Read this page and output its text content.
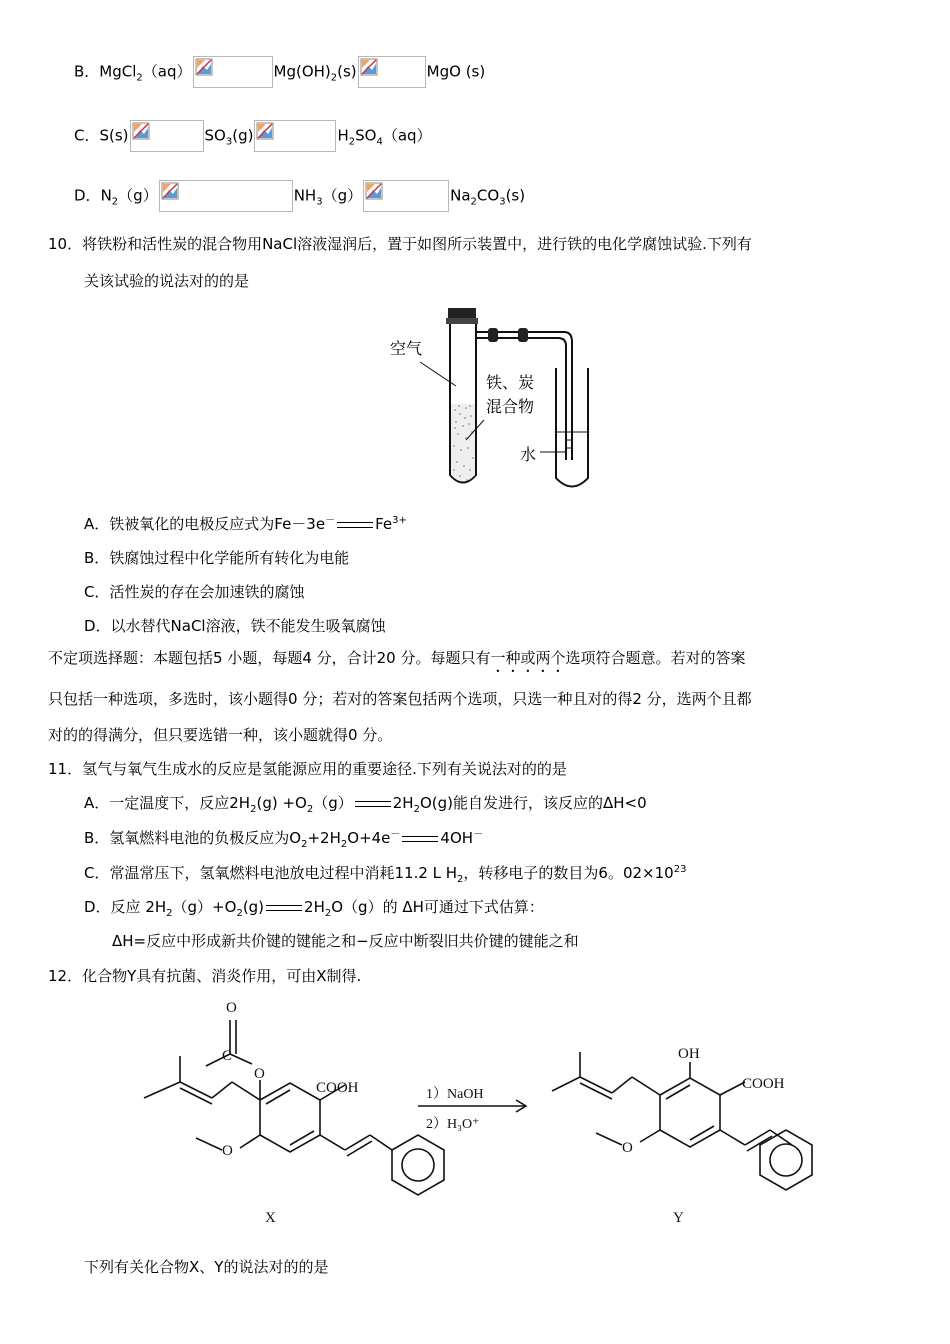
B．MgCl$_2$（aq）	$Mg(OH)_2(s)$	MgO (s)
C．S(s)	$SO_3(g)$	$H_2SO_4(aq)$
D．$N_2(g)$	$NH_3(g)$	$Na_2CO_3(s)$
10．将铁粉和活性炭的混合物用NaCl溶液湿润后，置于如图所示装置中，进行铁的电化学腐蚀试验.下列有
关该试验的说法对的的是
空气
铁、炭
混合物
水
A．铁被氧化的电极反应式为Fe－3e－	$Fe^{3+}$
B．铁腐蚀过程中化学能所有转化为电能
C．活性炭的存在会加速铁的腐蚀
D．以水替代NaCl溶液，铁不能发生吸氧腐蚀
不定项选择题：本题包括5 小题，每题4 分，合计20 分。每题只有一种或两个选项符合题意。若对的答案
只包括一种选项，多选时，该小题得0 分；若对的答案包括两个选项，只选一种且对的得2 分，选两个且都
对的的得满分，但只要选错一种，该小题就得0 分。
11．氢气与氧气生成水的反应是氢能源应用的重要途径.下列有关说法对的的是
A．一定温度下，反应$2H_2(g) +O_2(g)$	$2H_2O(g)$能自发进行，该反应的ΔH<0
B．氢氧燃料电池的负极反应为$O_2+2H_2O+4e^-$	4OH－
C．常温常压下，氢氧燃料电池放电过程中消耗11.2 L $H_2$，转移电子的数目为6。$02\times 10^{23}$
D．反应 $2H_2(g)+O_2(g)$	$2H_2O(g)$的 ΔH可通过下式估算：
ΔH=反应中形成新共价键的键能之和−反应中断裂旧共价键的键能之和
12．化合物Y具有抗菌、消炎作用，可由X制得.
O
C
O
COOH
O
X
1）NaOH
2）H₃O⁺
OH
COOH
O
Y
下列有关化合物X、Y的说法对的的是
